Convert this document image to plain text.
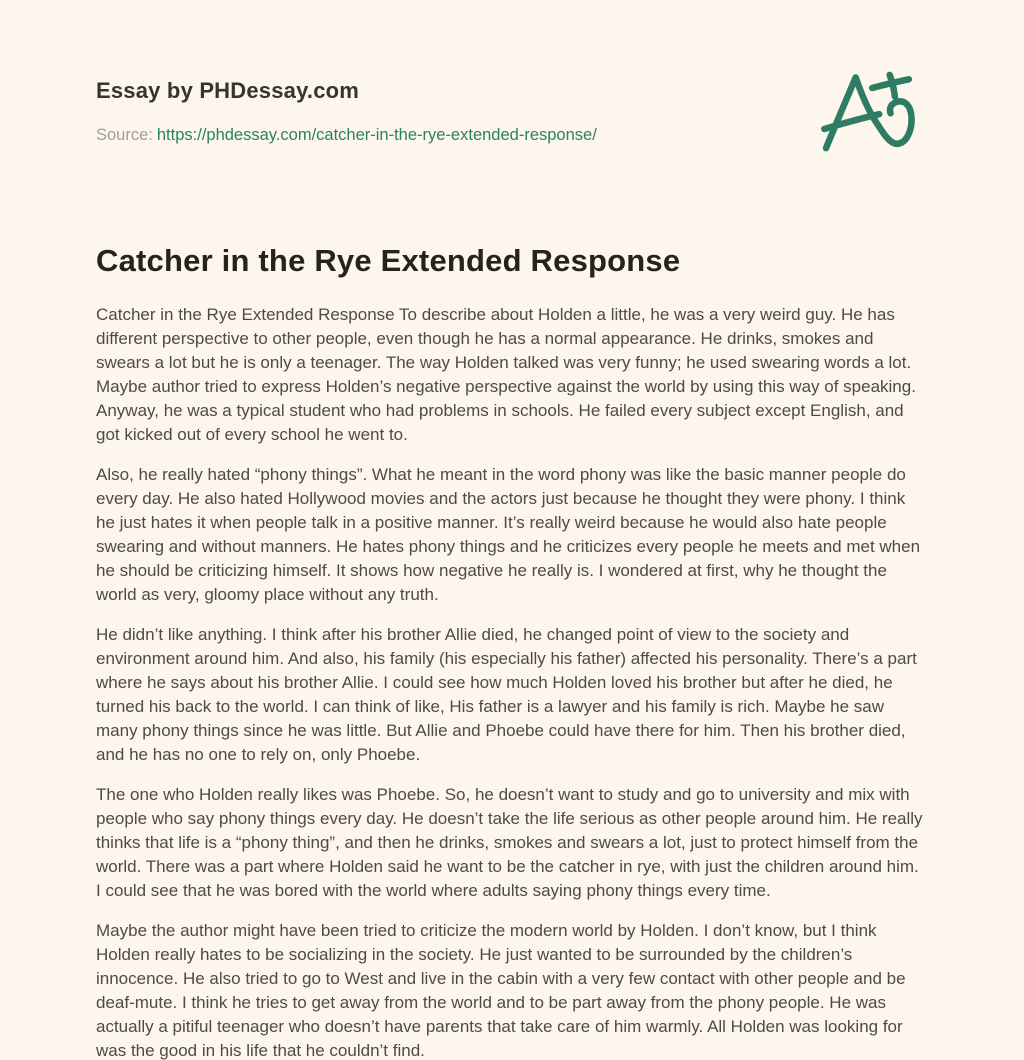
Essay by PHDessay.com
Source: https://phdessay.com/catcher-in-the-rye-extended-response/
Catcher in the Rye Extended Response

Catcher in the Rye Extended Response To describe about Holden a little, he was a very weird guy. He has different perspective to other people, even though he has a normal appearance. He drinks, smokes and swears a lot but he is only a teenager. The way Holden talked was very funny; he used swearing words a lot. Maybe author tried to express Holden’s negative perspective against the world by using this way of speaking. Anyway, he was a typical student who had problems in schools. He failed every subject except English, and got kicked out of every school he went to.

Also, he really hated “phony things”. What he meant in the word phony was like the basic manner people do every day. He also hated Hollywood movies and the actors just because he thought they were phony. I think he just hates it when people talk in a positive manner. It’s really weird because he would also hate people swearing and without manners. He hates phony things and he criticizes every people he meets and met when he should be criticizing himself. It shows how negative he really is. I wondered at first, why he thought the world as very, gloomy place without any truth.

He didn’t like anything. I think after his brother Allie died, he changed point of view to the society and environment around him. And also, his family (his especially his father) affected his personality. There’s a part where he says about his brother Allie. I could see how much Holden loved his brother but after he died, he turned his back to the world. I can think of like, His father is a lawyer and his family is rich. Maybe he saw many phony things since he was little. But Allie and Phoebe could have there for him. Then his brother died, and he has no one to rely on, only Phoebe.

The one who Holden really likes was Phoebe. So, he doesn’t want to study and go to university and mix with people who say phony things every day. He doesn’t take the life serious as other people around him. He really thinks that life is a “phony thing”, and then he drinks, smokes and swears a lot, just to protect himself from the world. There was a part where Holden said he want to be the catcher in rye, with just the children around him. I could see that he was bored with the world where adults saying phony things every time.

Maybe the author might have been tried to criticize the modern world by Holden. I don’t know, but I think Holden really hates to be socializing in the society. He just wanted to be surrounded by the children’s innocence. He also tried to go to West and live in the cabin with a very few contact with other people and be deaf-mute. I think he tries to get away from the world and to be part away from the phony people. He was actually a pitiful teenager who doesn’t have parents that take care of him warmly. All Holden was looking for was the good in his life that he couldn’t find.
